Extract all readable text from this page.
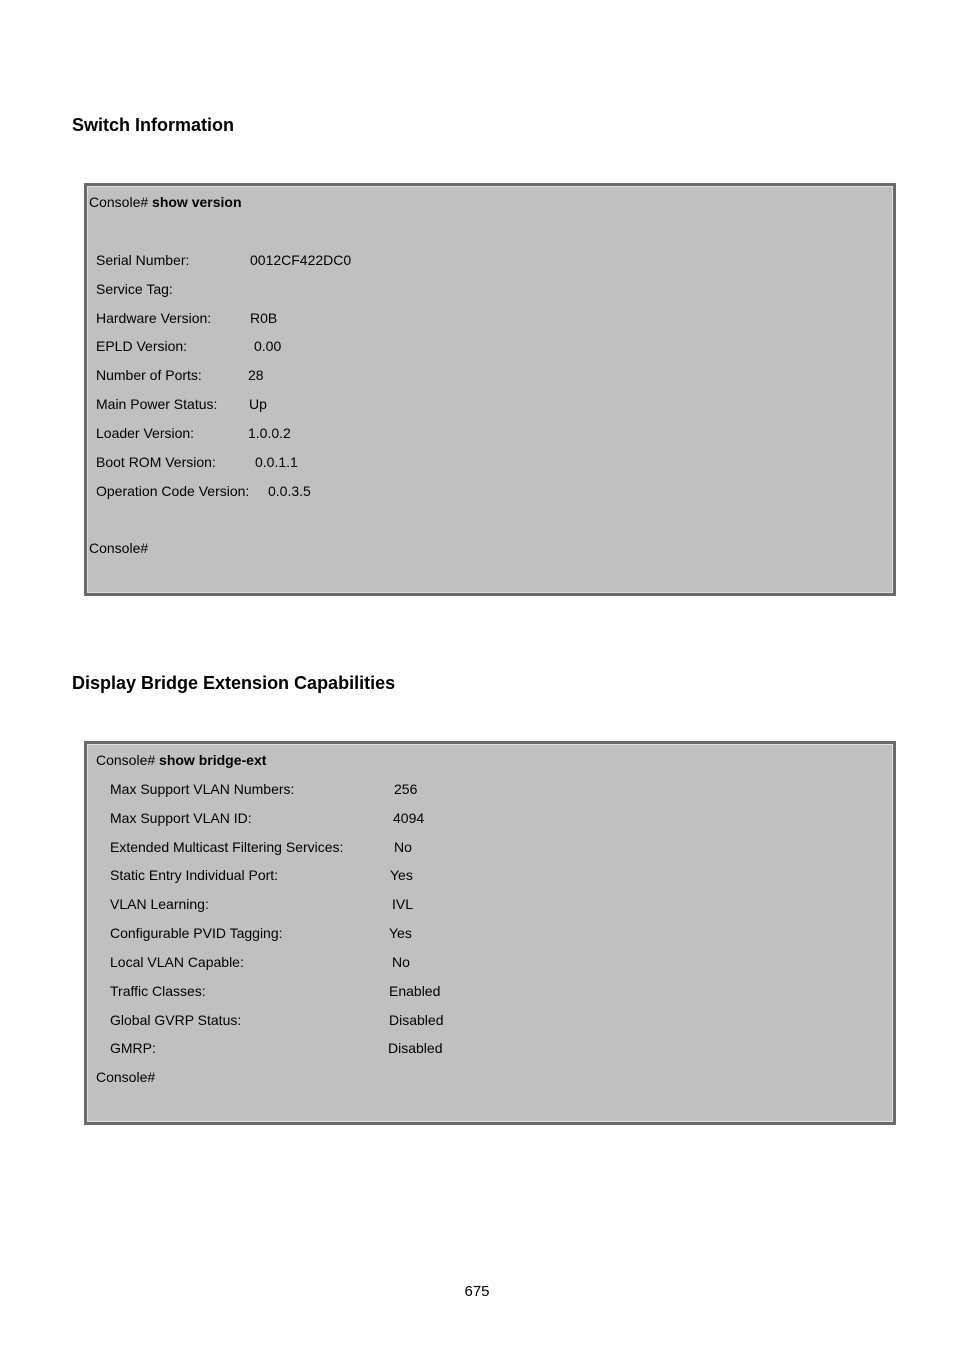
Switch Information
Console# show version
Serial Number:	0012CF422DC0
Service Tag:
Hardware Version:	R0B
EPLD Version:	0.00
Number of Ports:	28
Main Power Status: Up
Loader Version:	1.0.0.2
Boot ROM Version:	0.0.1.1
Operation Code Version: 0.0.3.5
Console#
Display Bridge Extension Capabilities
Console# show bridge-ext
Max Support VLAN Numbers:	256
Max Support VLAN ID:	4094
Extended Multicast Filtering Services:	No
Static Entry Individual Port:	Yes
VLAN Learning:	IVL
Configurable PVID Tagging:	Yes
Local VLAN Capable:	No
Traffic Classes:	Enabled
Global GVRP Status:	Disabled
GMRP:	Disabled
Console#
675
